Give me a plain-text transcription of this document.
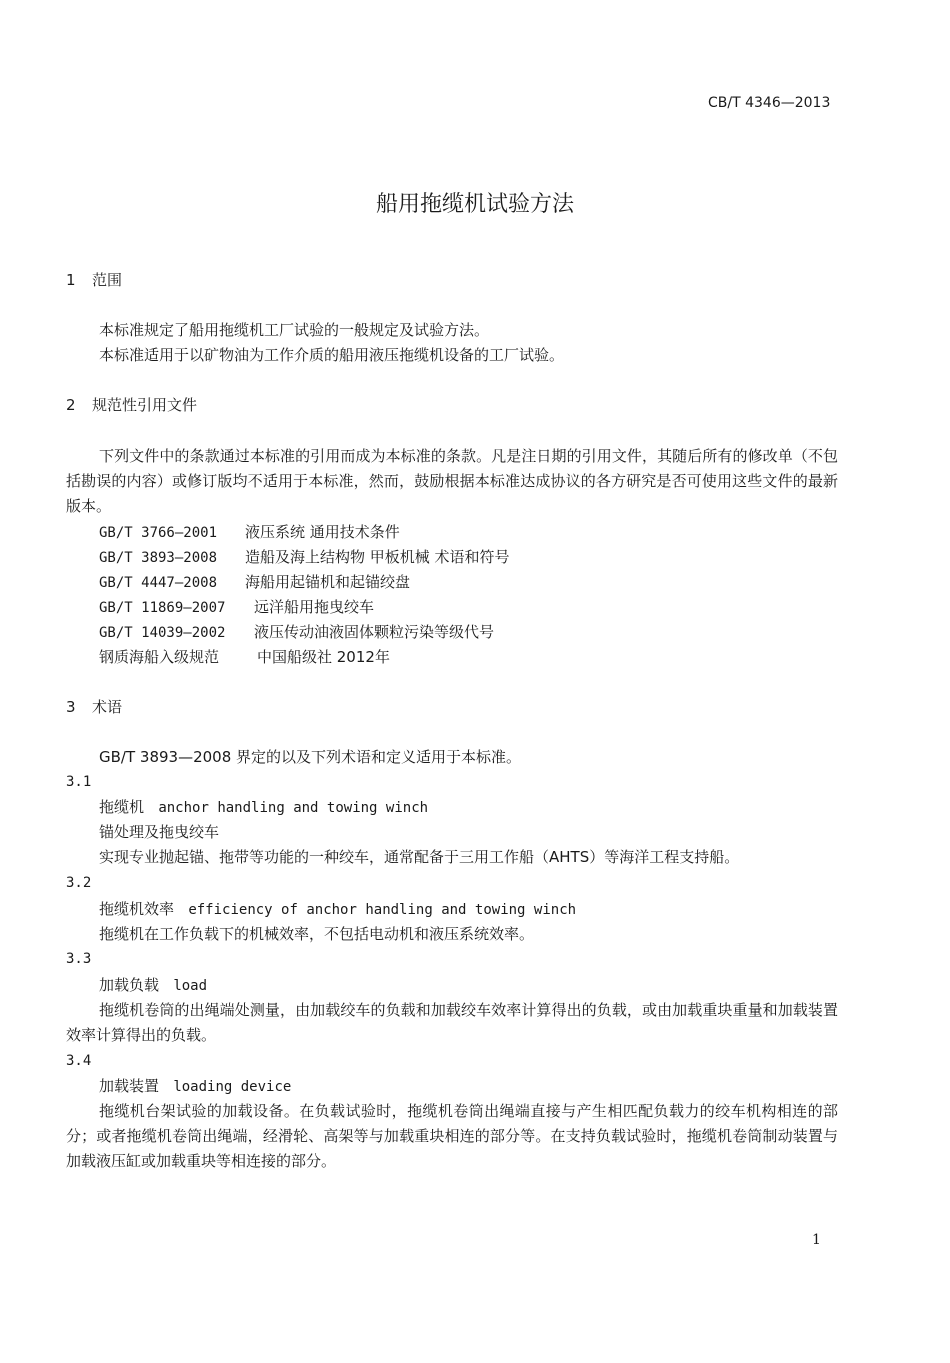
CB/T 4346—2013
船用拖缆机试验方法
1 范围
本标准规定了船用拖缆机工厂试验的一般规定及试验方法。
本标准适用于以矿物油为工作介质的船用液压拖缆机设备的工厂试验。
2 规范性引用文件
下列文件中的条款通过本标准的引用而成为本标准的条款。凡是注日期的引用文件，其随后所有的修改单（不包括勘误的内容）或修订版均不适用于本标准，然而，鼓励根据本标准达成协议的各方研究是否可使用这些文件的最新版本。
GB/T 3766—2001 液压系统 通用技术条件
GB/T 3893—2008 造船及海上结构物 甲板机械 术语和符号
GB/T 4447—2008 海船用起锚机和起锚绞盘
GB/T 11869—2007 远洋船用拖曳绞车
GB/T 14039—2002 液压传动油液固体颗粒污染等级代号
钢质海船入级规范	中国船级社 2012年
3 术语
GB/T 3893—2008 界定的以及下列术语和定义适用于本标准。
3.1
拖缆机 anchor handling and towing winch
锚处理及拖曳绞车
实现专业抛起锚、拖带等功能的一种绞车，通常配备于三用工作船（AHTS）等海洋工程支持船。
3.2
拖缆机效率 efficiency of anchor handling and towing winch
拖缆机在工作负载下的机械效率，不包括电动机和液压系统效率。
3.3
加载负载 load
拖缆机卷筒的出绳端处测量，由加载绞车的负载和加载绞车效率计算得出的负载，或由加载重块重量和加载装置效率计算得出的负载。
3.4
加载装置 loading device
拖缆机台架试验的加载设备。在负载试验时，拖缆机卷筒出绳端直接与产生相匹配负载力的绞车机构相连的部分；或者拖缆机卷筒出绳端，经滑轮、高架等与加载重块相连的部分等。在支持负载试验时，拖缆机卷筒制动装置与加载液压缸或加载重块等相连接的部分。
1
